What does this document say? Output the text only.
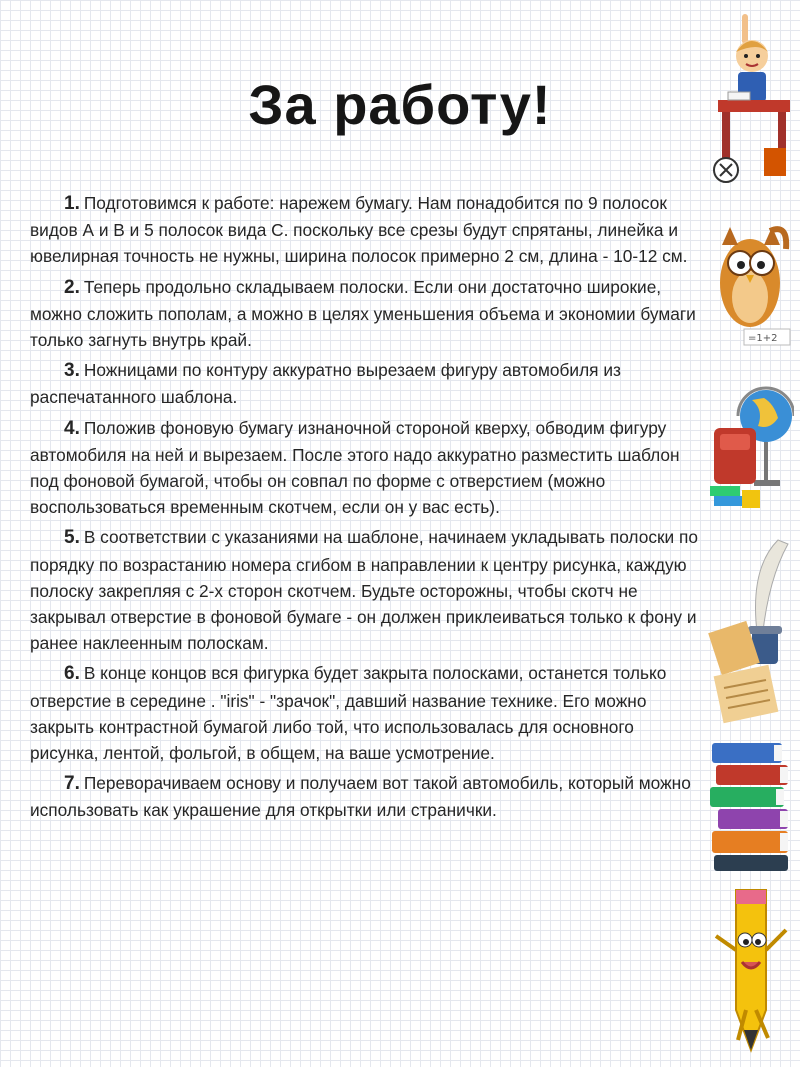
За работу!

1. Подготовимся к работе: нарежем бумагу. Нам понадобится по 9 полосок видов А и В и 5 полосок вида С. поскольку все срезы будут спрятаны, линейка и ювелирная точность не нужны, ширина полосок примерно 2 см, длина - 10-12 см.

2. Теперь продольно складываем полоски. Если они достаточно широкие, можно сложить пополам, а можно в целях уменьшения объема и экономии бумаги только загнуть внутрь край.

3. Ножницами по контуру аккуратно вырезаем фигуру автомобиля из распечатанного шаблона.

4. Положив фоновую бумагу изнаночной стороной кверху, обводим фигуру автомобиля на ней и вырезаем. После этого надо аккуратно разместить шаблон под фоновой бумагой, чтобы он совпал по форме с отверстием (можно воспользоваться временным скотчем, если он у вас есть).

5. В соответствии с указаниями на шаблоне, начинаем укладывать полоски по порядку по возрастанию номера сгибом в направлении к центру рисунка, каждую полоску закрепляя с 2-х сторон скотчем. Будьте осторожны, чтобы скотч не закрывал отверстие в фоновой бумаге - он должен приклеиваться только к фону и ранее наклеенным полоскам.

6. В конце концов вся фигурка будет закрыта полосками, останется только отверстие в середине . "iris" - "зрачок", давший название технике. Его можно закрыть контрастной бумагой либо той, что использовалась для основного рисунка, лентой, фольгой, в общем, на ваше усмотрение.

7. Переворачиваем основу и получаем вот такой автомобиль, который можно использовать как украшение для открытки или странички.

=1+2
